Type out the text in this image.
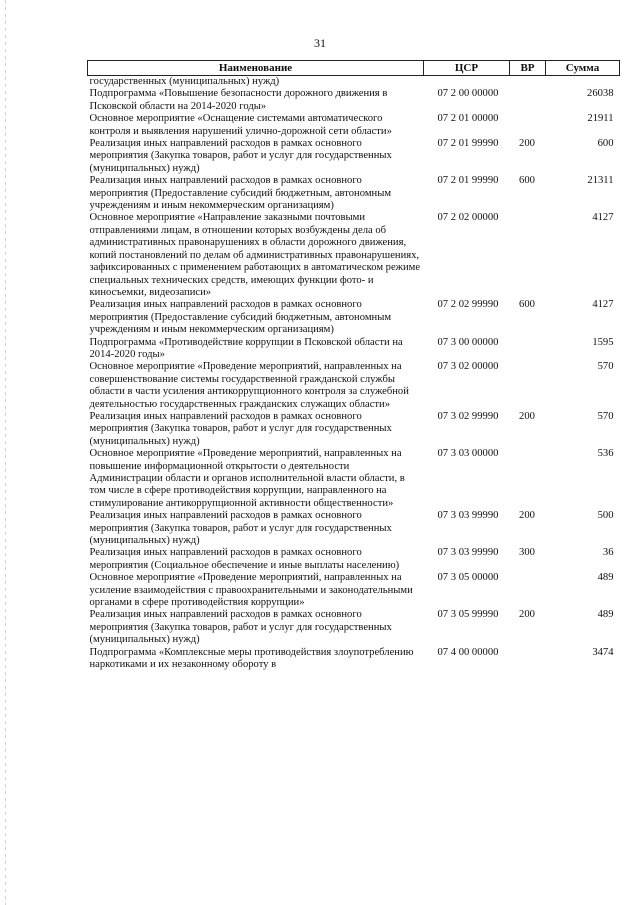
31
Наименование	ЦСР	ВР	Сумма
государственных (муниципальных) нужд)			
Подпрограмма «Повышение безопасности дорожного движения в Псковской области на 2014-2020 годы»	07 2 00 00000		26038
Основное мероприятие «Оснащение системами автоматического контроля и выявления нарушений улично-дорожной сети области»	07 2 01 00000		21911
Реализация иных направлений расходов в рамках основного мероприятия (Закупка товаров, работ и услуг для государственных (муниципальных) нужд)	07 2 01 99990	200	600
Реализация иных направлений расходов в рамках основного мероприятия (Предоставление субсидий бюджетным, автономным учреждениям и иным некоммерческим организациям)	07 2 01 99990	600	21311
Основное мероприятие «Направление заказными почтовыми отправлениями лицам, в отношении которых возбуждены дела об административных правонарушениях в области дорожного движения, копий постановлений по делам об административных правонарушениях, зафиксированных с применением работающих в автоматическом режиме специальных технических средств, имеющих функции фото- и киносъемки, видеозаписи»	07 2 02 00000		4127
Реализация иных направлений расходов в рамках основного мероприятия (Предоставление субсидий бюджетным, автономным учреждениям и иным некоммерческим организациям)	07 2 02 99990	600	4127
Подпрограмма «Противодействие коррупции в Псковской области на 2014-2020 годы»	07 3 00 00000		1595
Основное мероприятие «Проведение мероприятий, направленных на совершенствование системы государственной гражданской службы области в части усиления антикоррупционного контроля за служебной деятельностью государственных гражданских служащих области»	07 3 02 00000		570
Реализация иных направлений расходов в рамках основного мероприятия (Закупка товаров, работ и услуг для государственных (муниципальных) нужд)	07 3 02 99990	200	570
Основное мероприятие «Проведение мероприятий, направленных на повышение информационной открытости о деятельности Администрации области и органов исполнительной власти области, в том числе в сфере противодействия коррупции, направленного на стимулирование антикоррупционной активности общественности»	07 3 03 00000		536
Реализация иных направлений расходов в рамках основного мероприятия (Закупка товаров, работ и услуг для государственных (муниципальных) нужд)	07 3 03 99990	200	500
Реализация иных направлений расходов в рамках основного мероприятия (Социальное обеспечение и иные выплаты населению)	07 3 03 99990	300	36
Основное мероприятие «Проведение мероприятий, направленных на усиление взаимодействия с правоохранительными и законодательными органами в сфере противодействия коррупции»	07 3 05 00000		489
Реализация иных направлений расходов в рамках основного мероприятия (Закупка товаров, работ и услуг для государственных (муниципальных) нужд)	07 3 05 99990	200	489
Подпрограмма «Комплексные меры противодействия злоупотреблению наркотиками и их незаконному обороту в	07 4 00 00000		3474
